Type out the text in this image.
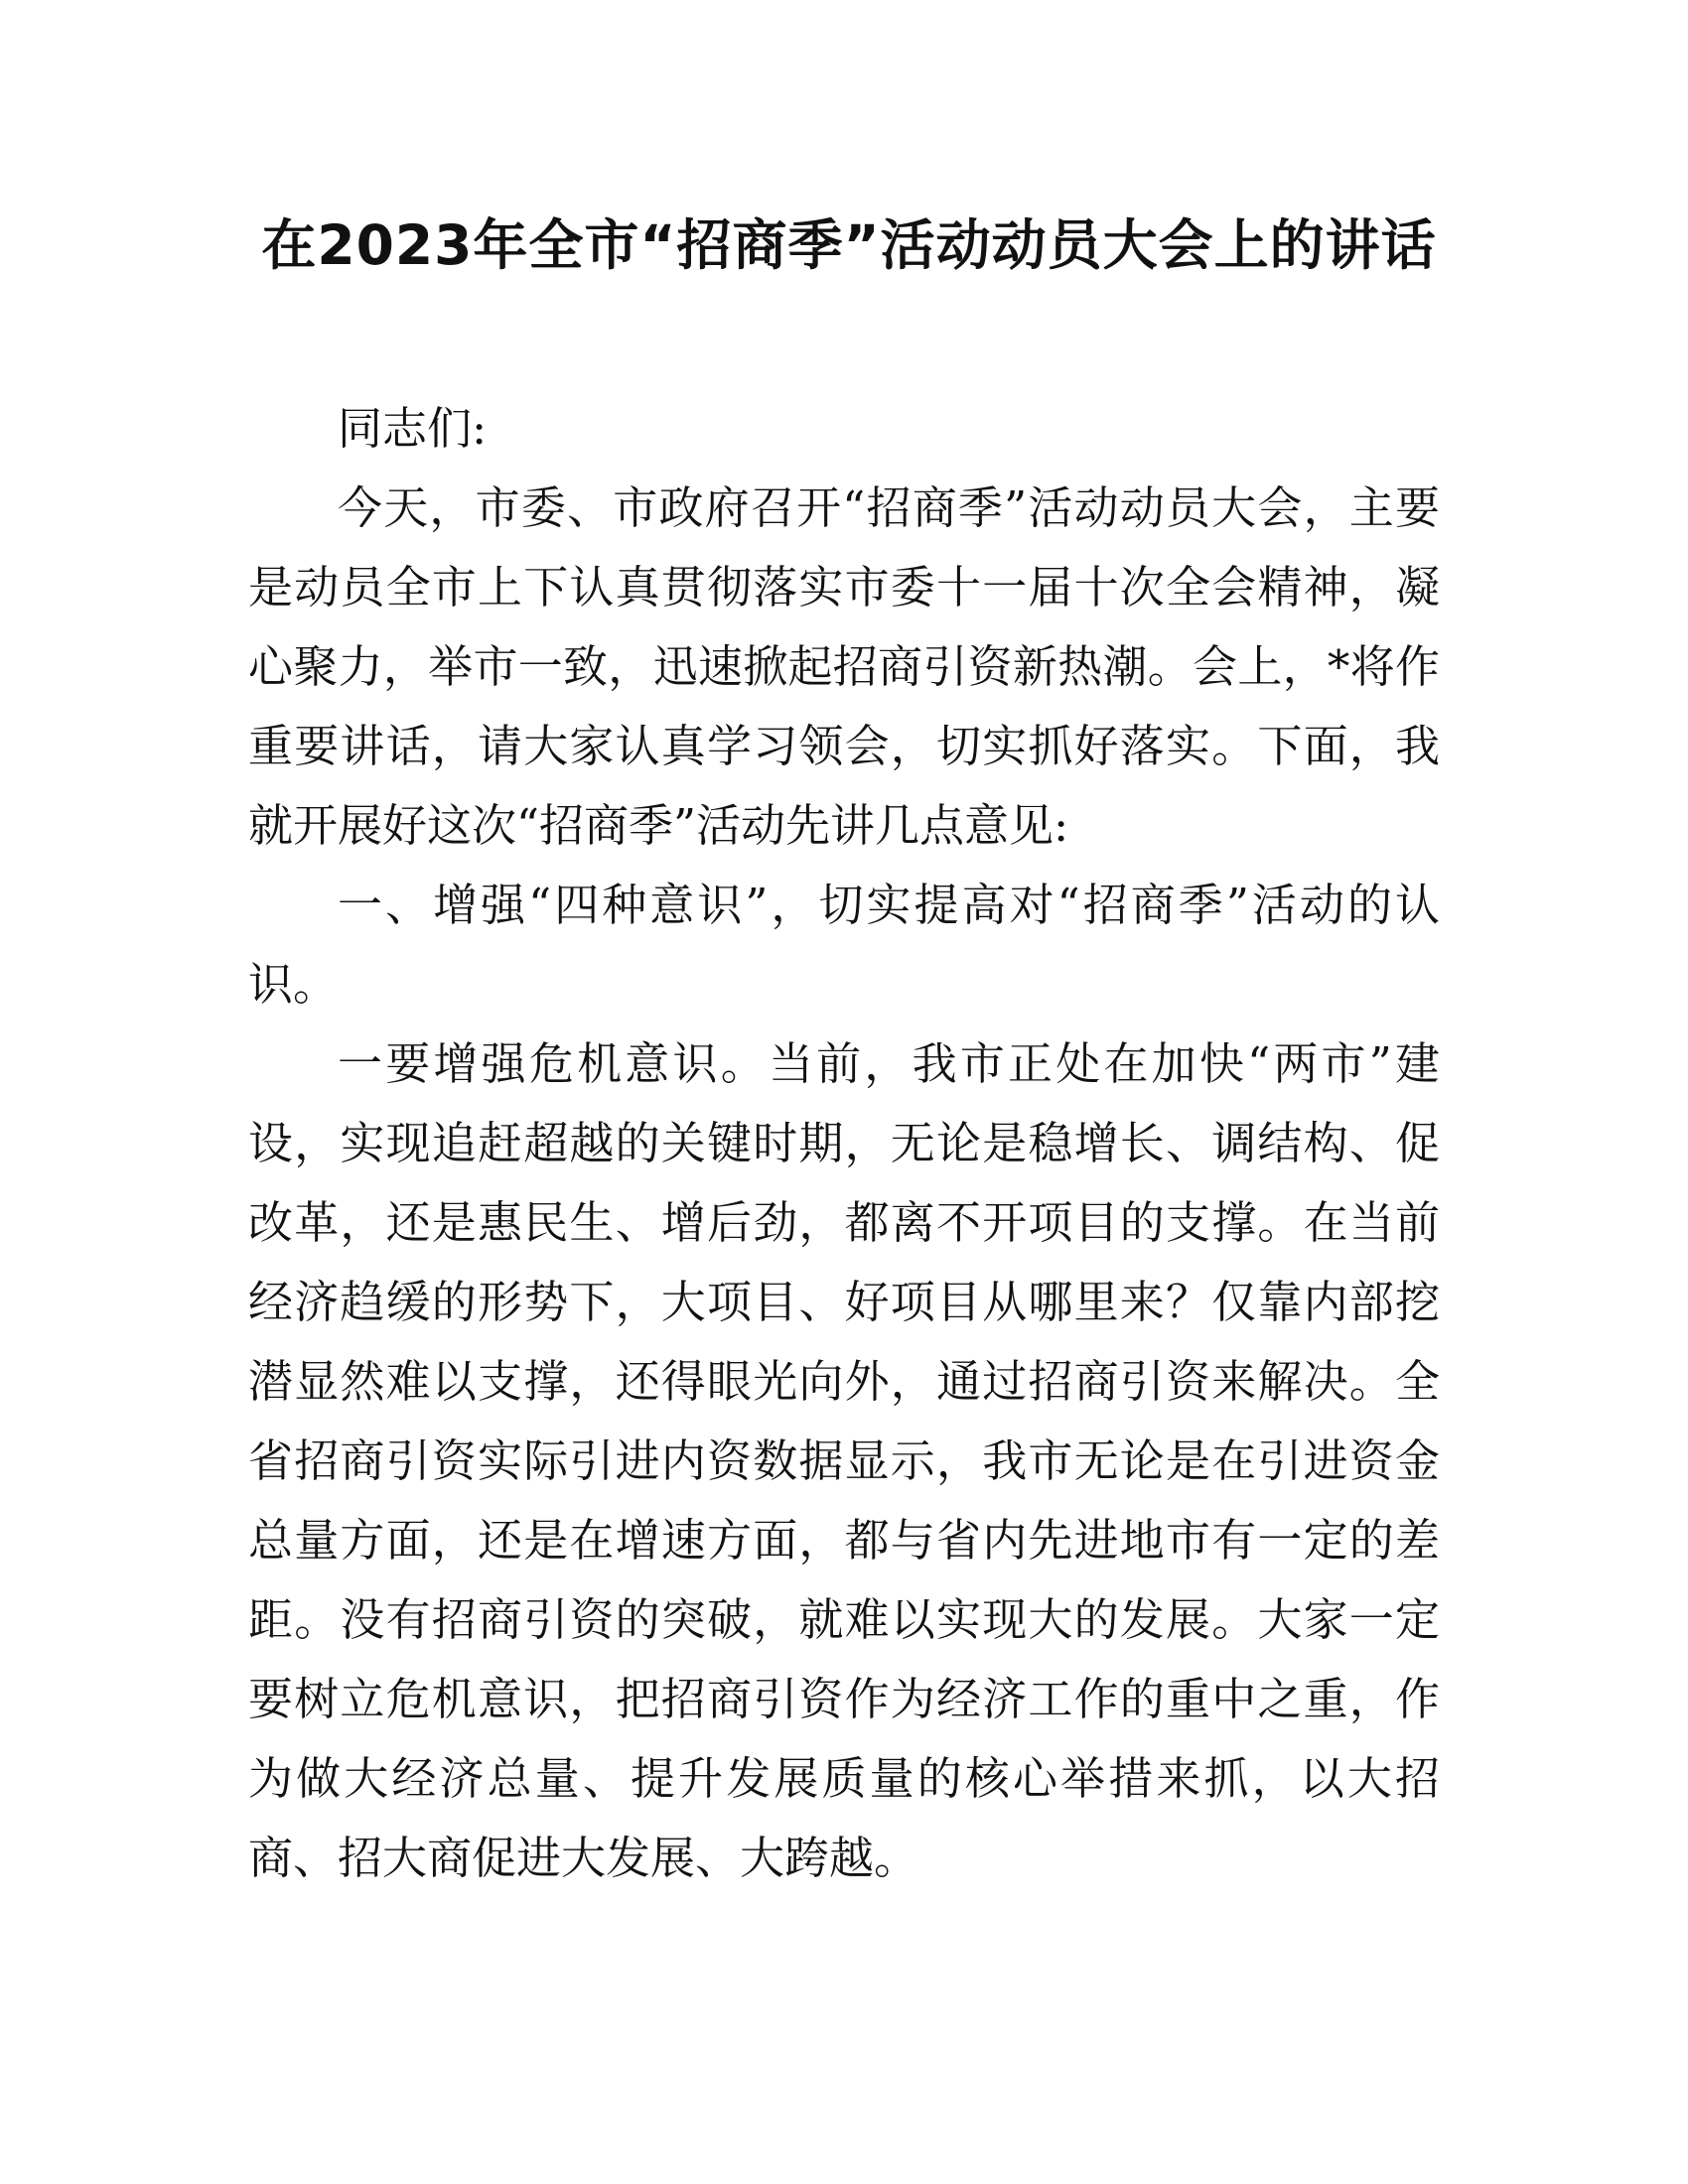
在2023年全市“招商季”活动动员大会上的讲话

同志们:

今天，市委、市政府召开“招商季”活动动员大会，主要是动员全市上下认真贯彻落实市委十一届十次全会精神，凝心聚力，举市一致，迅速掀起招商引资新热潮。会上，*将作重要讲话，请大家认真学习领会，切实抓好落实。下面，我就开展好这次“招商季”活动先讲几点意见:

一、增强“四种意识”，切实提高对“招商季”活动的认识。

一要增强危机意识。当前，我市正处在加快“两市”建设，实现追赶超越的关键时期，无论是稳增长、调结构、促改革，还是惠民生、增后劲，都离不开项目的支撑。在当前经济趋缓的形势下，大项目、好项目从哪里来？仅靠内部挖潜显然难以支撑，还得眼光向外，通过招商引资来解决。全省招商引资实际引进内资数据显示，我市无论是在引进资金总量方面，还是在增速方面，都与省内先进地市有一定的差距。没有招商引资的突破，就难以实现大的发展。大家一定要树立危机意识，把招商引资作为经济工作的重中之重，作为做大经济总量、提升发展质量的核心举措来抓，以大招商、招大商促进大发展、大跨越。
